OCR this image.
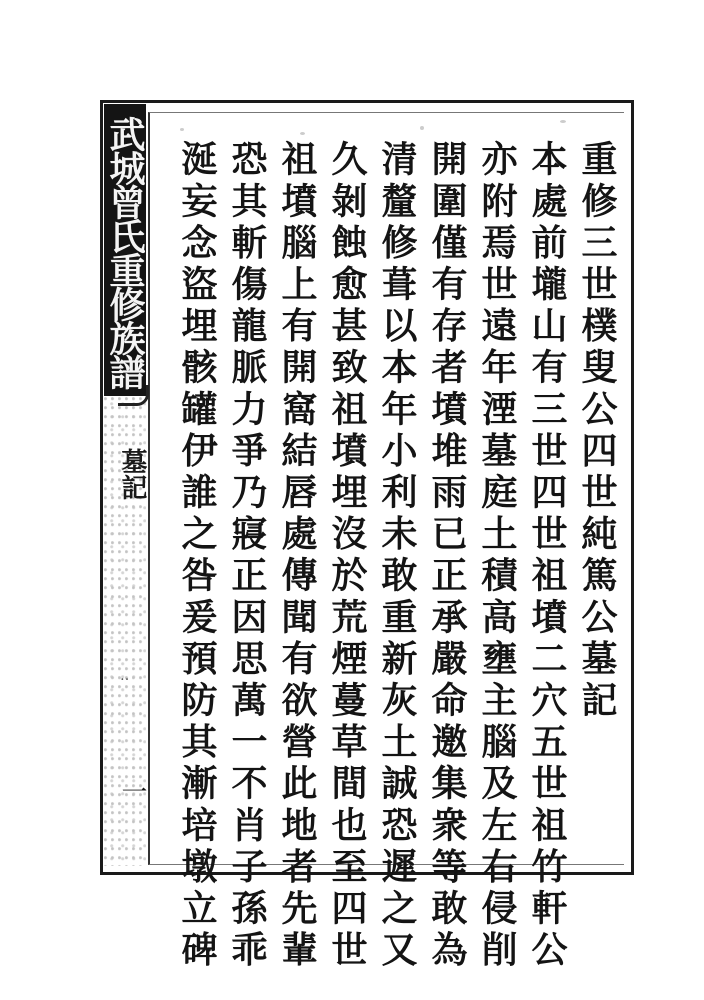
武城曾氏重修族譜
墓記
一
‥	重修三世樸叟公四世純篤公墓記
本處前壠山有三世四世祖墳二穴五世祖竹軒公
亦附焉世遠年湮墓庭土積高壅主腦及左右侵削
開圍僅有存者墳堆雨已正承嚴命邀集衆等敢為
清釐修葺以本年小利未敢重新灰土誠恐遲之又
久剝蝕愈甚致祖墳埋沒於荒煙蔓草間也至四世
祖墳腦上有開窩結唇處傳聞有欲營此地者先輩
恐其斬傷龍脈力爭乃寢正因思萬一不肖子孫乖
涎妄念盜埋骸罐伊誰之咎爰預防其漸培墩立碑
